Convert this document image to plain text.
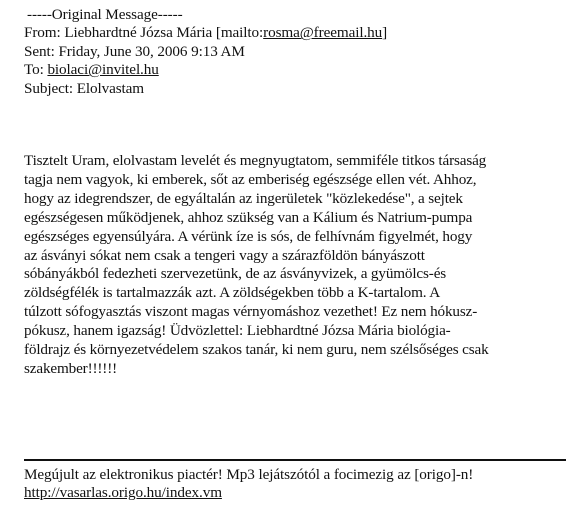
-----Original Message-----
From: Liebhardtné Józsa Mária [mailto:rosma@freemail.hu]
Sent: Friday, June 30, 2006 9:13 AM
To: biolaci@invitel.hu
Subject: Elolvastam
Tisztelt Uram, elolvastam levelét és megnyugtatom, semmiféle titkos társaság
tagja nem vagyok, ki emberek, sőt az emberiség egészsége ellen vét. Ahhoz,
hogy az idegrendszer, de egyáltalán az ingerületek "közlekedése", a sejtek
egészségesen működjenek, ahhoz szükség van a Kálium és Natrium-pumpa
egészséges egyensúlyára. A vérünk íze is sós, de felhívnám figyelmét, hogy
az ásványi sókat nem csak a tengeri vagy a szárazföldön bányászott
sóbányákból fedezheti szervezetünk, de az ásványvizek, a gyümölcs-és
zöldségfélék is tartalmazzák azt. A zöldségekben több a K-tartalom. A
túlzott sófogyasztás viszont magas vérnyomáshoz vezethet! Ez nem hókusz-
pókusz, hanem igazság! Üdvözlettel: Liebhardtné Józsa Mária biológia-
földrajz és környezetvédelem szakos tanár, ki nem guru, nem szélsőséges csak
szakember!!!!!!
Megújult az elektronikus piactér! Mp3 lejátszótól a focimezig az [origo]-n!
http://vasarlas.origo.hu/index.vm
